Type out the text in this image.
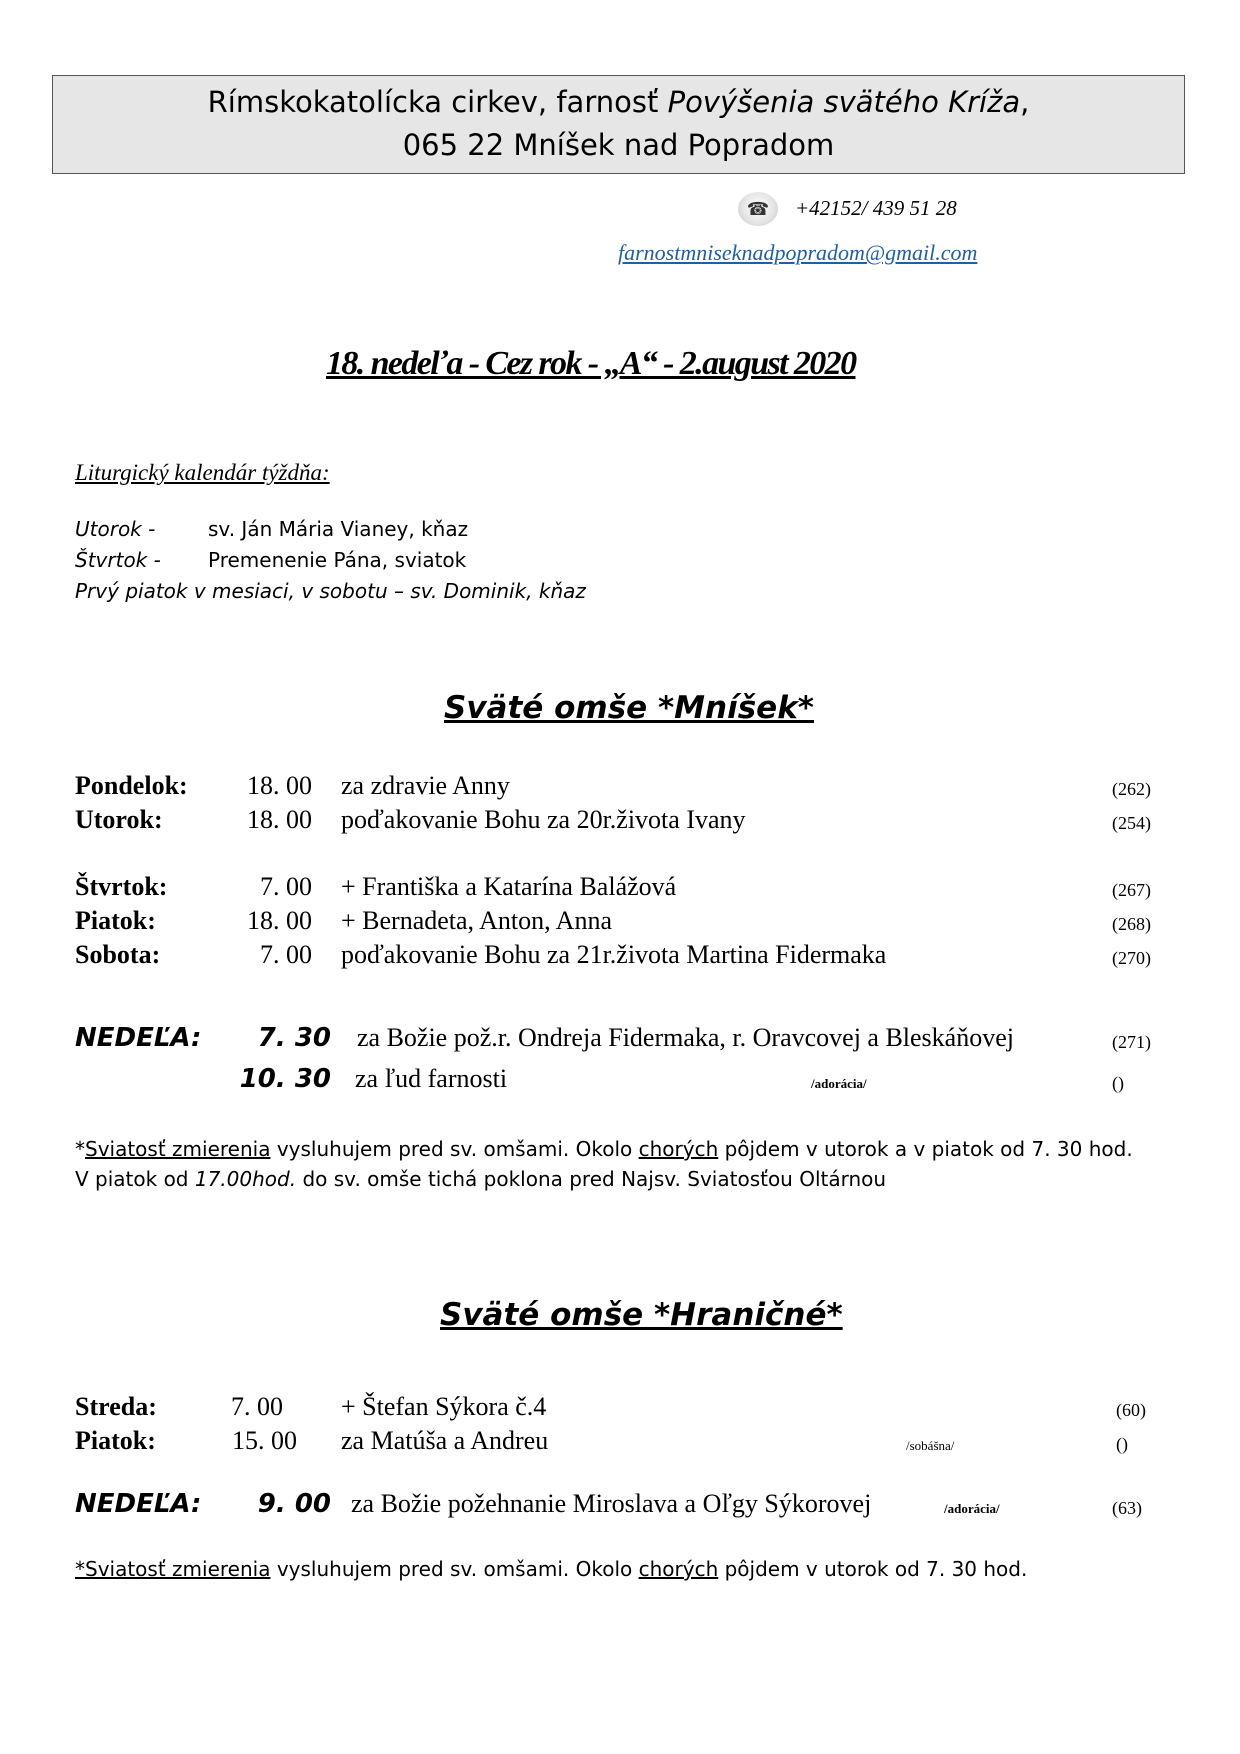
Rímskokatolícka cirkev, farnosť Povýšenia svätého Kríža,
065 22 Mníšek nad Popradom
☎	+42152/ 439 51 28
farnostmniseknadpopradom@gmail.com
18. nedeľa - Cez rok - „A“ - 2.august 2020
Liturgický kalendár týždňa:
Utorok -	sv. Ján Mária Vianey, kňaz
Štvrtok - Premenenie Pána, sviatok
Prvý piatok v mesiaci, v sobotu – sv. Dominik, kňaz
Sväté omše *Mníšek*
Pondelok:	18. 00 za zdravie Anny	(262)
Utorok:	18. 00 poďakovanie Bohu za 20r.života Ivany	(254)
Štvrtok:	7. 00 + Františka a Katarína Balážová	(267)
Piatok:	18. 00 + Bernadeta, Anton, Anna	(268)
Sobota:	7. 00 poďakovanie Bohu za 21r.života Martina Fidermaka	(270)
NEDEĽA:	7. 30 za Božie pož.r. Ondreja Fidermaka, r. Oravcovej a Bleskáňovej	(271)
10. 30 za ľud farnosti	/adorácia/	()
*Sviatosť zmierenia vysluhujem pred sv. omšami. Okolo chorých pôjdem v utorok a v piatok od 7. 30 hod.
V piatok od 17.00hod. do sv. omše tichá poklona pred Najsv. Sviatosťou Oltárnou
Sväté omše *Hraničné*
Streda:	7. 00 + Štefan Sýkora č.4	(60)
Piatok:	15. 00 za Matúša a Andreu	/sobášna/	()
NEDEĽA:	9. 00 za Božie požehnanie Miroslava a Oľgy Sýkorovej	/adorácia/	(63)
*Sviatosť zmierenia vysluhujem pred sv. omšami. Okolo chorých pôjdem v utorok od 7. 30 hod.
